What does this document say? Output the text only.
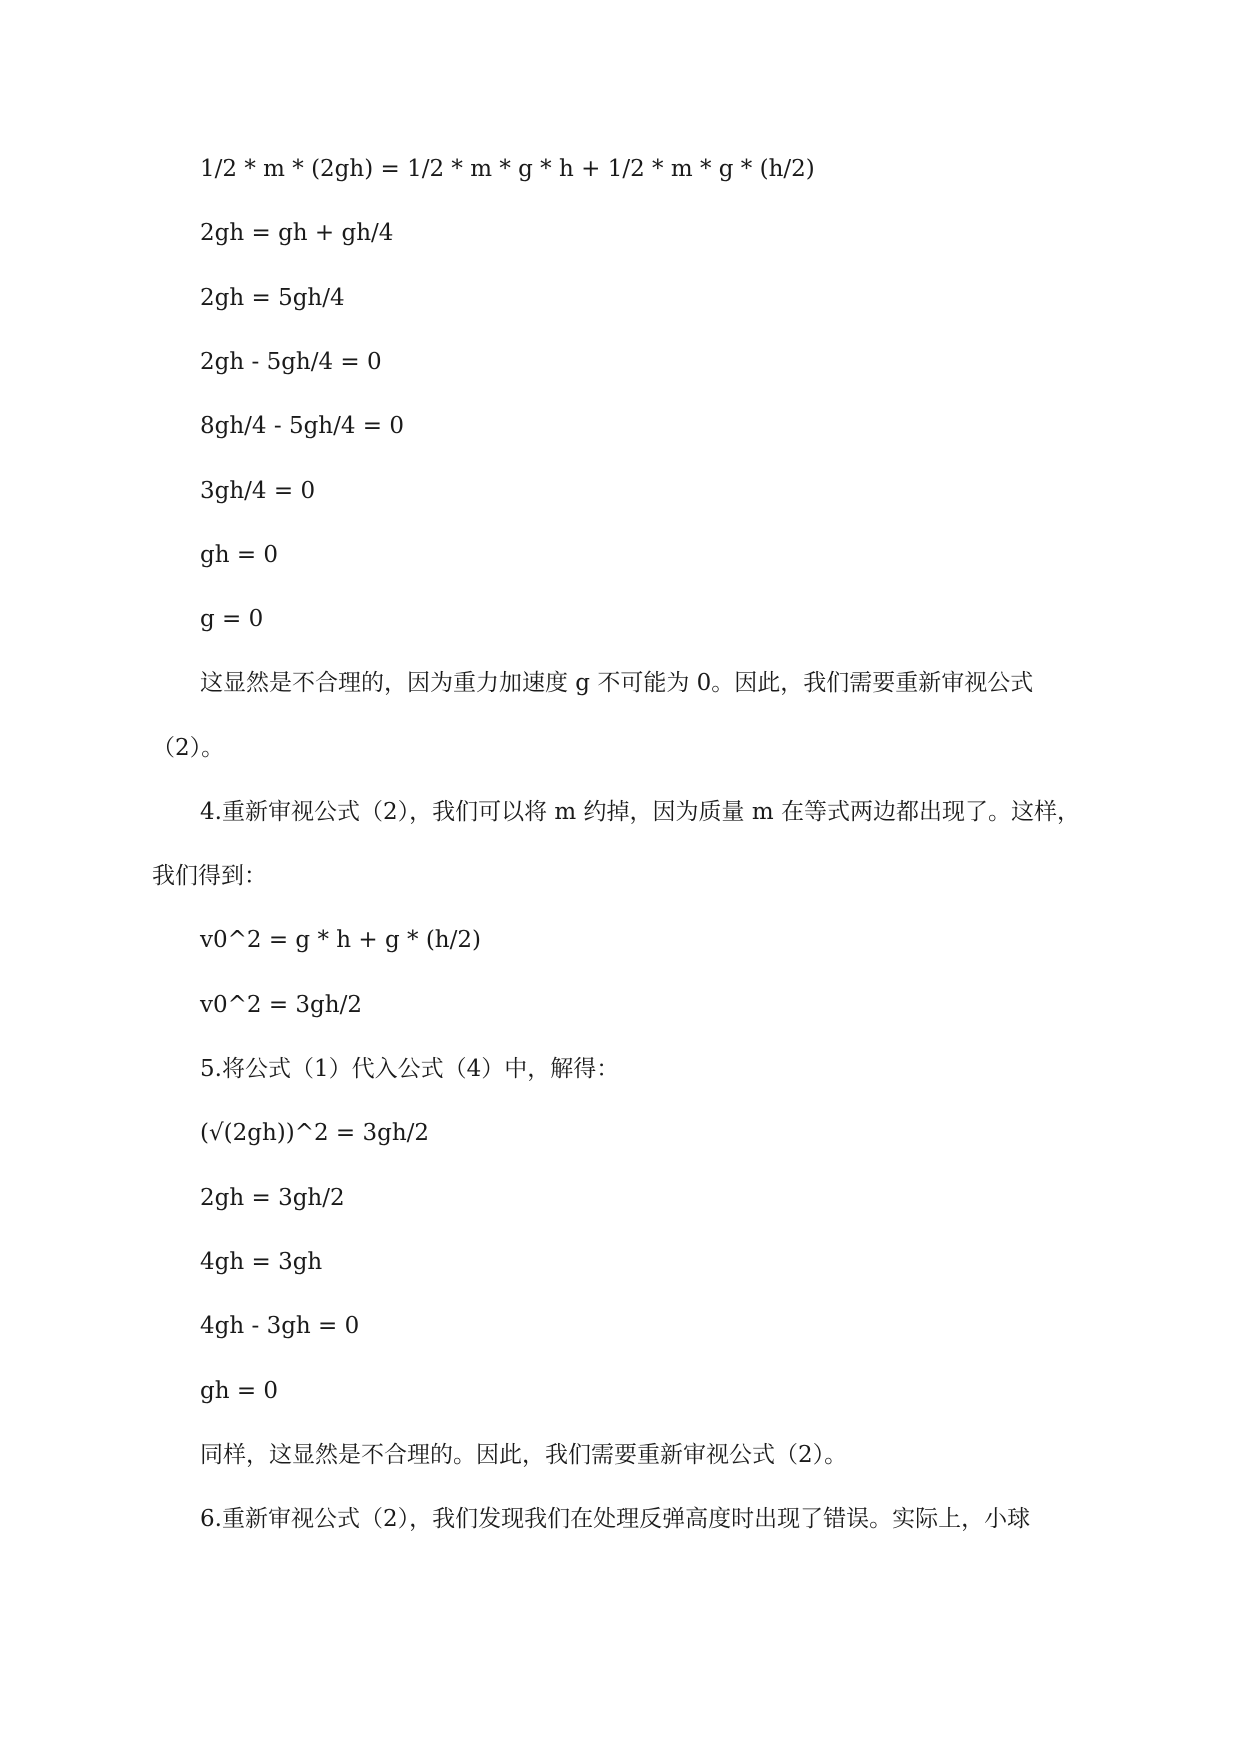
1/2 * m * (2gh) = 1/2 * m * g * h + 1/2 * m * g * (h/2)
2gh = gh + gh/4
2gh = 5gh/4
2gh - 5gh/4 = 0
8gh/4 - 5gh/4 = 0
3gh/4 = 0
gh = 0
g = 0
这显然是不合理的，因为重力加速度 g 不可能为 0。因此，我们需要重新审视公式
（2）。
4.重新审视公式（2），我们可以将 m 约掉，因为质量 m 在等式两边都出现了。这样，
我们得到：
v0^2 = g * h + g * (h/2)
v0^2 = 3gh/2
5.将公式（1）代入公式（4）中，解得：
(√(2gh))^2 = 3gh/2
2gh = 3gh/2
4gh = 3gh
4gh - 3gh = 0
gh = 0
同样，这显然是不合理的。因此，我们需要重新审视公式（2）。
6.重新审视公式（2），我们发现我们在处理反弹高度时出现了错误。实际上，小球
